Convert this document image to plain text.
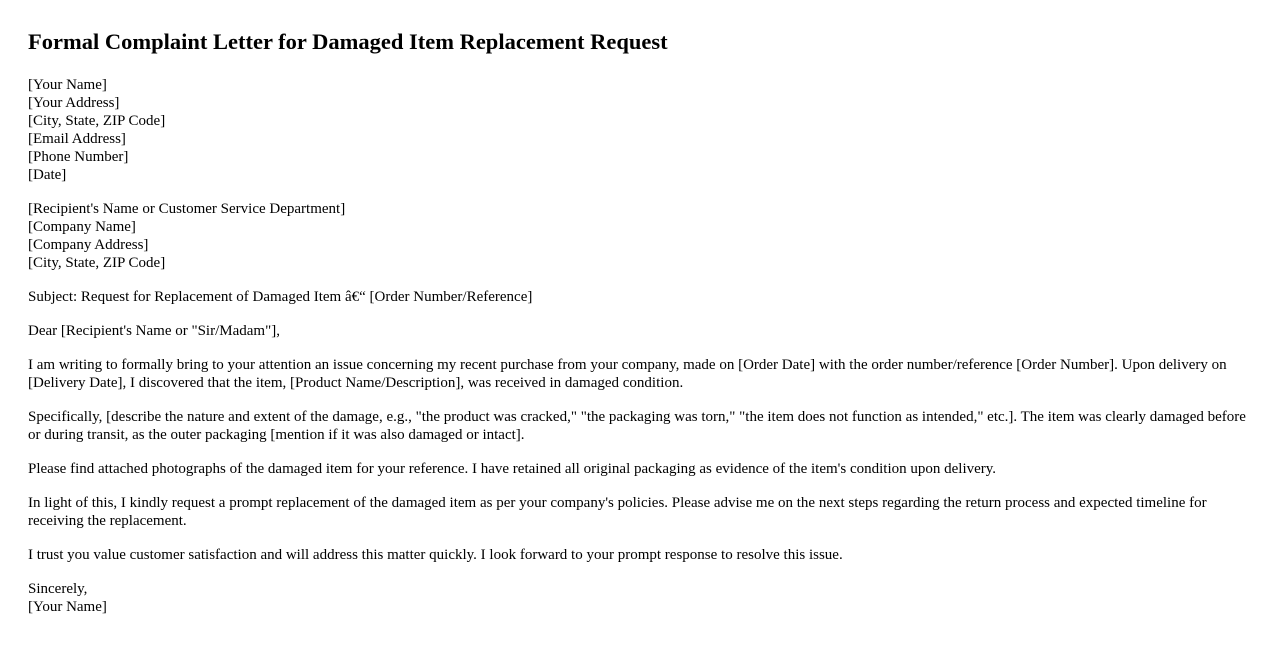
Formal Complaint Letter for Damaged Item Replacement Request
[Your Name]
[Your Address]
[City, State, ZIP Code]
[Email Address]
[Phone Number]
[Date]
[Recipient's Name or Customer Service Department]
[Company Name]
[Company Address]
[City, State, ZIP Code]

Subject: Request for Replacement of Damaged Item â€“ [Order Number/Reference]

Dear [Recipient's Name or "Sir/Madam"],

I am writing to formally bring to your attention an issue concerning my recent purchase from your company, made on [Order Date] with the order number/reference [Order Number]. Upon delivery on [Delivery Date], I discovered that the item, [Product Name/Description], was received in damaged condition.

Specifically, [describe the nature and extent of the damage, e.g., "the product was cracked," "the packaging was torn," "the item does not function as intended," etc.]. The item was clearly damaged before or during transit, as the outer packaging [mention if it was also damaged or intact].

Please find attached photographs of the damaged item for your reference. I have retained all original packaging as evidence of the item's condition upon delivery.

In light of this, I kindly request a prompt replacement of the damaged item as per your company's policies. Please advise me on the next steps regarding the return process and expected timeline for receiving the replacement.

I trust you value customer satisfaction and will address this matter quickly. I look forward to your prompt response to resolve this issue.

Sincerely,
[Your Name]
